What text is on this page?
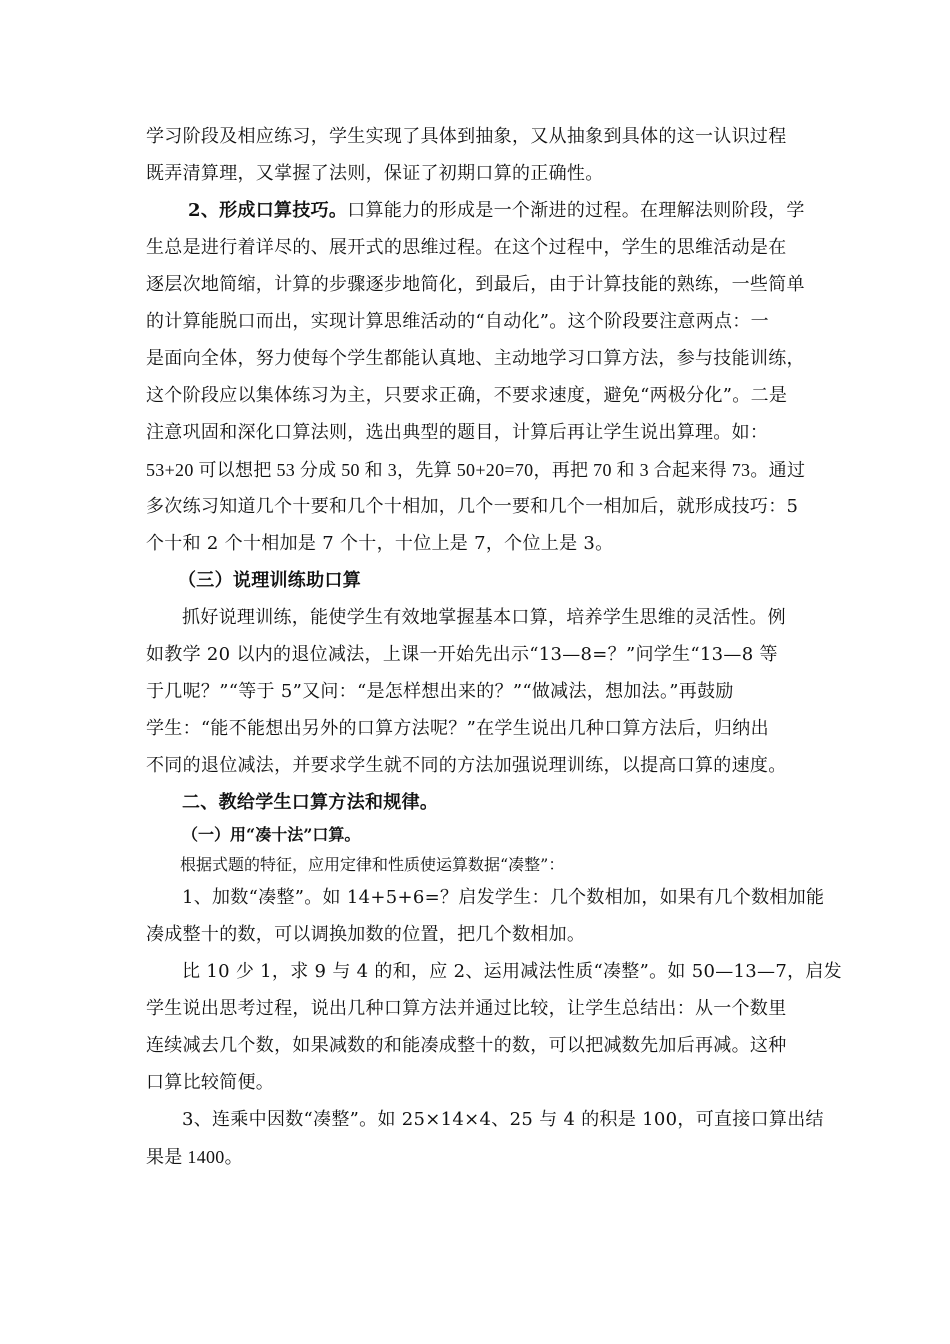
学习阶段及相应练习，学生实现了具体到抽象，又从抽象到具体的这一认识过程
既弄清算理，又掌握了法则，保证了初期口算的正确性。
2、形成口算技巧。口算能力的形成是一个渐进的过程。在理解法则阶段，学
生总是进行着详尽的、展开式的思维过程。在这个过程中，学生的思维活动是在
逐层次地简缩，计算的步骤逐步地简化，到最后，由于计算技能的熟练，一些简单
的计算能脱口而出，实现计算思维活动的“自动化”。这个阶段要注意两点：一
是面向全体，努力使每个学生都能认真地、主动地学习口算方法，参与技能训练，
这个阶段应以集体练习为主，只要求正确，不要求速度，避免“两极分化”。二是
注意巩固和深化口算法则，选出典型的题目，计算后再让学生说出算理。如：
53+20 可以想把 53 分成 50 和 3，先算 50+20=70，再把 70 和 3 合起来得 73。通过
多次练习知道几个十要和几个十相加，几个一要和几个一相加后，就形成技巧：5
个十和 2 个十相加是 7 个十，十位上是 7，个位上是 3。
（三）说理训练助口算
抓好说理训练，能使学生有效地掌握基本口算，培养学生思维的灵活性。例
如教学 20 以内的退位减法，上课一开始先出示“13—8=？”问学生“13—8 等
于几呢？”“等于 5”又问：“是怎样想出来的？”“做减法，想加法。”再鼓励
学生：“能不能想出另外的口算方法呢？”在学生说出几种口算方法后，归纳出
不同的退位减法，并要求学生就不同的方法加强说理训练，以提高口算的速度。
二、教给学生口算方法和规律。
（一）用“凑十法”口算。
根据式题的特征，应用定律和性质使运算数据“凑整”：
1、加数“凑整”。如 14+5+6=？启发学生：几个数相加，如果有几个数相加能
凑成整十的数，可以调换加数的位置，把几个数相加。
比 10 少 1，求 9 与 4 的和，应 2、运用减法性质“凑整”。如 50—13—7，启发
学生说出思考过程，说出几种口算方法并通过比较，让学生总结出：从一个数里
连续减去几个数，如果减数的和能凑成整十的数，可以把减数先加后再减。这种
口算比较简便。
3、连乘中因数“凑整”。如 25×14×4、25 与 4 的积是 100，可直接口算出结
果是 1400。
